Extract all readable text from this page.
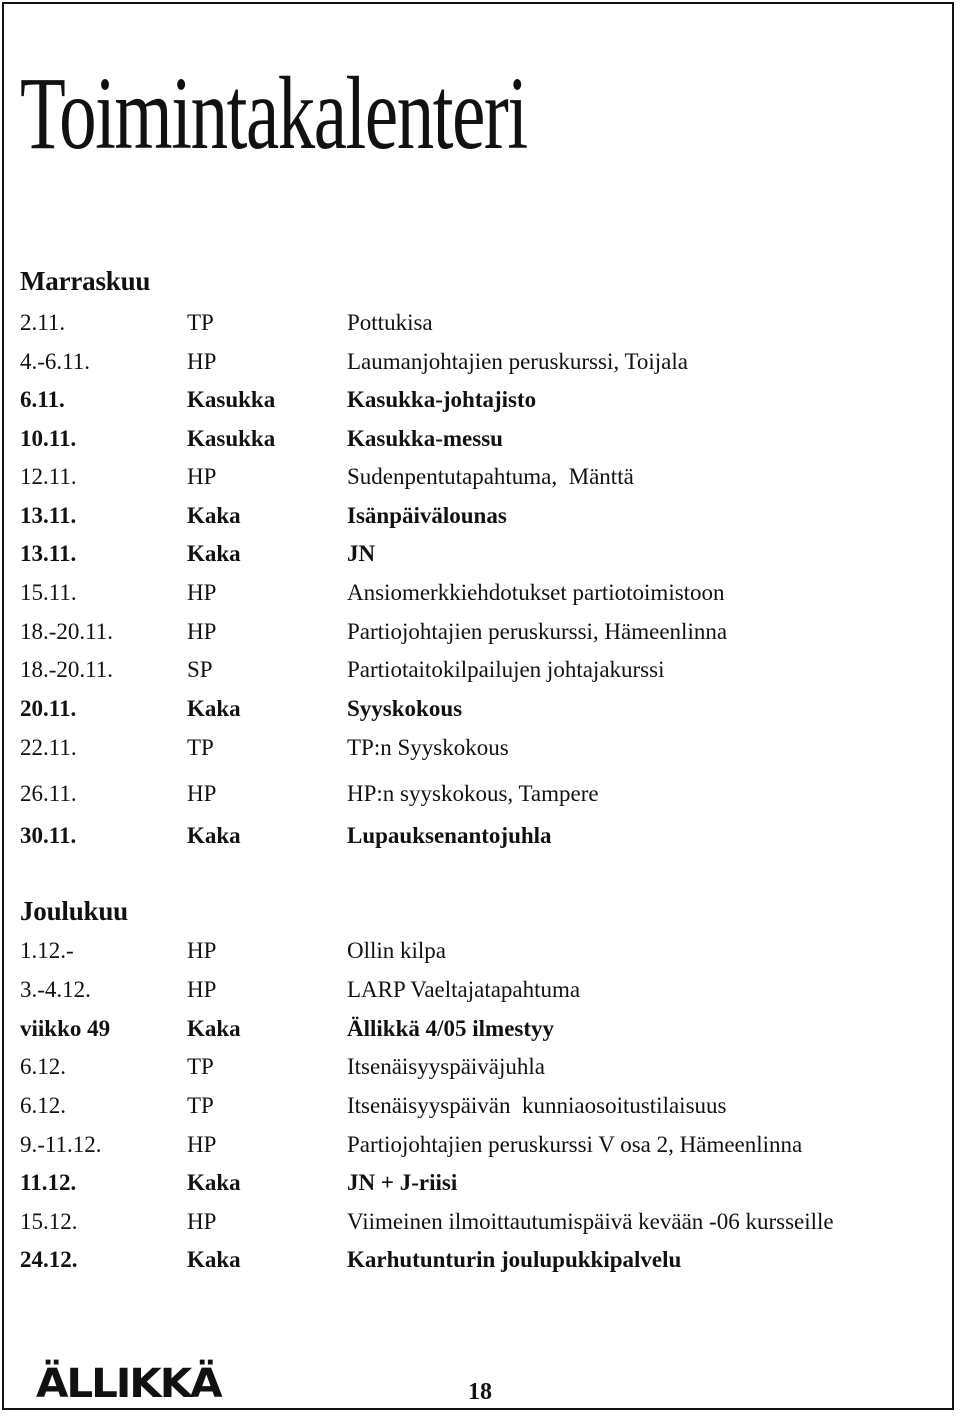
Toimintakalenteri
Marraskuu
2.11.	TP	Pottukisa
4.-6.11.	HP	Laumanjohtajien peruskurssi, Toijala
6.11.	Kasukka	Kasukka-johtajisto
10.11.	Kasukka	Kasukka-messu
12.11.	HP	Sudenpentutapahtuma,  Mänttä
13.11.	Kaka	Isänpäivälounas
13.11.	Kaka	JN
15.11.	HP	Ansiomerkkiehdotukset partiotoimistoon
18.-20.11.	HP	Partiojohtajien peruskurssi, Hämeenlinna
18.-20.11.	SP	Partiotaitokilpailujen johtajakurssi
20.11.	Kaka	Syyskokous
22.11.	TP	TP:n Syyskokous
26.11.	HP	HP:n syyskokous, Tampere
30.11.	Kaka	Lupauksenantojuhla
Joulukuu
1.12.-	HP	Ollin kilpa
3.-4.12.	HP	LARP Vaeltajatapahtuma
viikko 49	Kaka	Ällikkä 4/05 ilmestyy
6.12.	TP	Itsenäisyyspäiväjuhla
6.12.	TP	Itsenäisyyspäivän  kunniaosoitustilaisuus
9.-11.12.	HP	Partiojohtajien peruskurssi V osa 2, Hämeenlinna
11.12.	Kaka	JN + J-riisi
15.12.	HP	Viimeinen ilmoittautumispäivä kevään -06 kursseille
24.12.	Kaka	Karhutunturin joulupukkipalvelu
ÄLLIKKÄ	18
